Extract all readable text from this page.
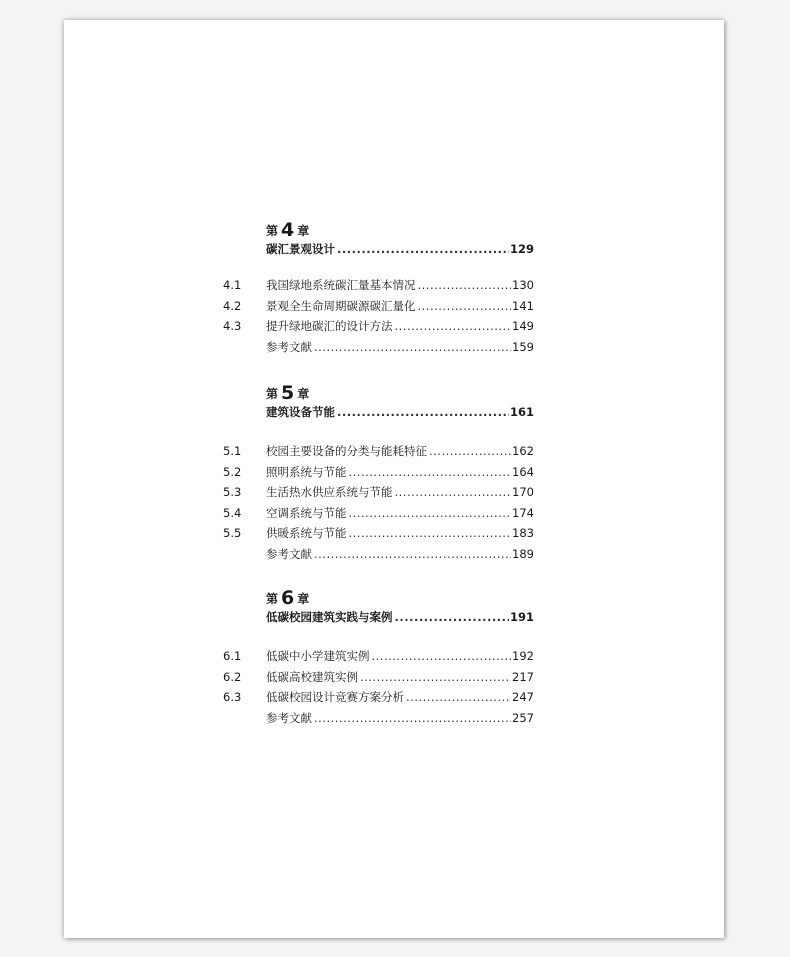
第 4 章
碳汇景观设计 .....	129
4.1	我国绿地系统碳汇量基本情况 .....	130
4.2	景观全生命周期碳源碳汇量化 .....	141
4.3	提升绿地碳汇的设计方法 .....	149
参考文献 .....	159
第 5 章
建筑设备节能 .....	161
5.1	校园主要设备的分类与能耗特征 .....	162
5.2	照明系统与节能 .....	164
5.3	生活热水供应系统与节能 .....	170
5.4	空调系统与节能 .....	174
5.5	供暖系统与节能 .....	183
参考文献 .....	189
第 6 章
低碳校园建筑实践与案例 .....	191
6.1	低碳中小学建筑实例 .....	192
6.2	低碳高校建筑实例 .....	217
6.3	低碳校园设计竞赛方案分析 .....	247
参考文献 .....	257
